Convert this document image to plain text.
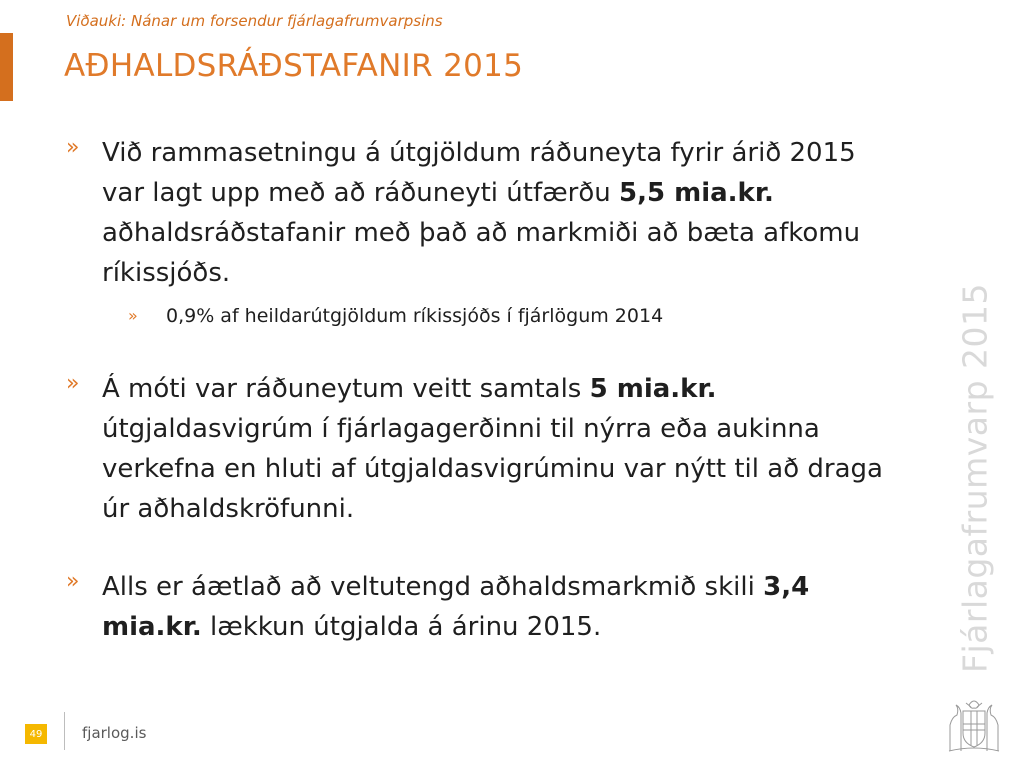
Viðauki: Nánar um forsendur fjárlagafrumvarpsins
AÐHALDSRÁÐSTAFANIR 2015
» Við rammasetningu á útgjöldum ráðuneyta fyrir árið 2015 var lagt upp með að ráðuneyti útfærðu 5,5 mia.kr. aðhaldsráðstafanir með það að markmiði að bæta afkomu ríkissjóðs.
» 0,9% af heildarútgjöldum ríkissjóðs í fjárlögum 2014
» Á móti var ráðuneytum veitt samtals 5 mia.kr. útgjaldasvigrúm í fjárlagagerðinni til nýrra eða aukinna verkefna en hluti af útgjaldasvigrúminu var nýtt til að draga úr aðhaldskröfunni.
» Alls er áætlað að veltutengd aðhaldsmarkmið skili 3,4 mia.kr. lækkun útgjalda á árinu 2015.	Fjárlagafrumvarp 2015
49	fjarlog.is
